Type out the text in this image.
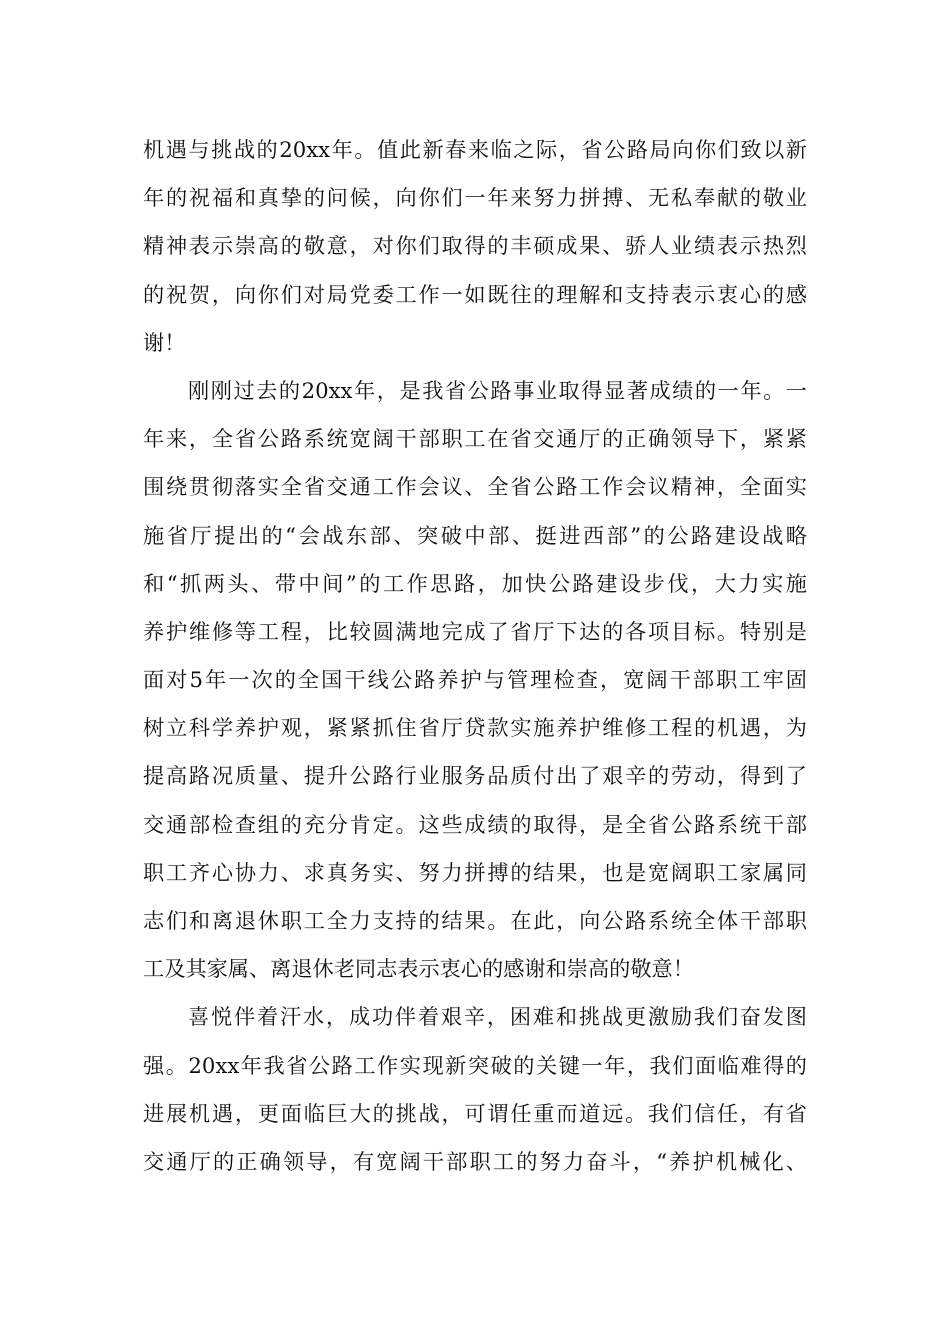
机遇与挑战的20xx年。值此新春来临之际，省公路局向你们致以新
年的祝福和真挚的问候，向你们一年来努力拼搏、无私奉献的敬业
精神表示崇高的敬意，对你们取得的丰硕成果、骄人业绩表示热烈
的祝贺，向你们对局党委工作一如既往的理解和支持表示衷心的感
谢！
刚刚过去的20xx年，是我省公路事业取得显著成绩的一年。一
年来，全省公路系统宽阔干部职工在省交通厅的正确领导下，紧紧
围绕贯彻落实全省交通工作会议、全省公路工作会议精神，全面实
施省厅提出的“会战东部、突破中部、挺进西部”的公路建设战略
和“抓两头、带中间”的工作思路，加快公路建设步伐，大力实施
养护维修等工程，比较圆满地完成了省厅下达的各项目标。特别是
面对5年一次的全国干线公路养护与管理检查，宽阔干部职工牢固
树立科学养护观，紧紧抓住省厅贷款实施养护维修工程的机遇，为
提高路况质量、提升公路行业服务品质付出了艰辛的劳动，得到了
交通部检查组的充分肯定。这些成绩的取得，是全省公路系统干部
职工齐心协力、求真务实、努力拼搏的结果，也是宽阔职工家属同
志们和离退休职工全力支持的结果。在此，向公路系统全体干部职
工及其家属、离退休老同志表示衷心的感谢和崇高的敬意！
喜悦伴着汗水，成功伴着艰辛，困难和挑战更激励我们奋发图
强。20xx年我省公路工作实现新突破的关键一年，我们面临难得的
进展机遇，更面临巨大的挑战，可谓任重而道远。我们信任，有省
交通厅的正确领导，有宽阔干部职工的努力奋斗，“养护机械化、
